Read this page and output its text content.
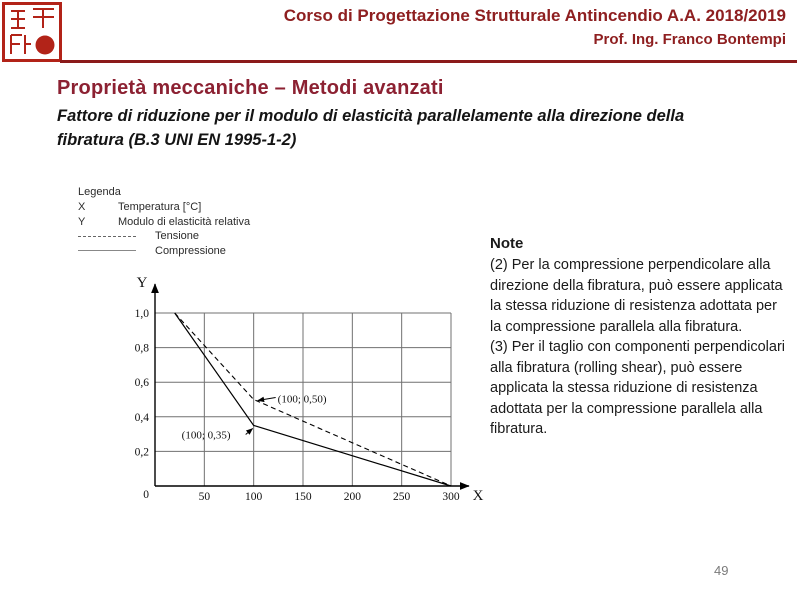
Corso di Progettazione Strutturale Antincendio A.A. 2018/2019
Prof. Ing. Franco Bontempi
Proprietà meccaniche – Metodi avanzati

Fattore di riduzione per il modulo di elasticità parallelamente alla direzione della fibratura (B.3 UNI EN 1995-1-2)

Legenda
X	Temperatura [°C]
Y	Modulo di elasticità relativa
Tensione
Compressione
Y
X
50	100	150	200	250	300
0
0,2
0,4
0,6
0,8
1,0
(100; 0,50)
(100; 0,35)
Note

(2) Per la compressione perpendicolare alla direzione della fibratura, può essere applicata la stessa riduzione di resistenza adottata per la compressione parallela alla fibratura.

(3) Per il taglio con componenti perpendicolari alla fibratura (rolling shear), può essere applicata la stessa riduzione di resistenza adottata per la compressione parallela alla fibratura.

49
